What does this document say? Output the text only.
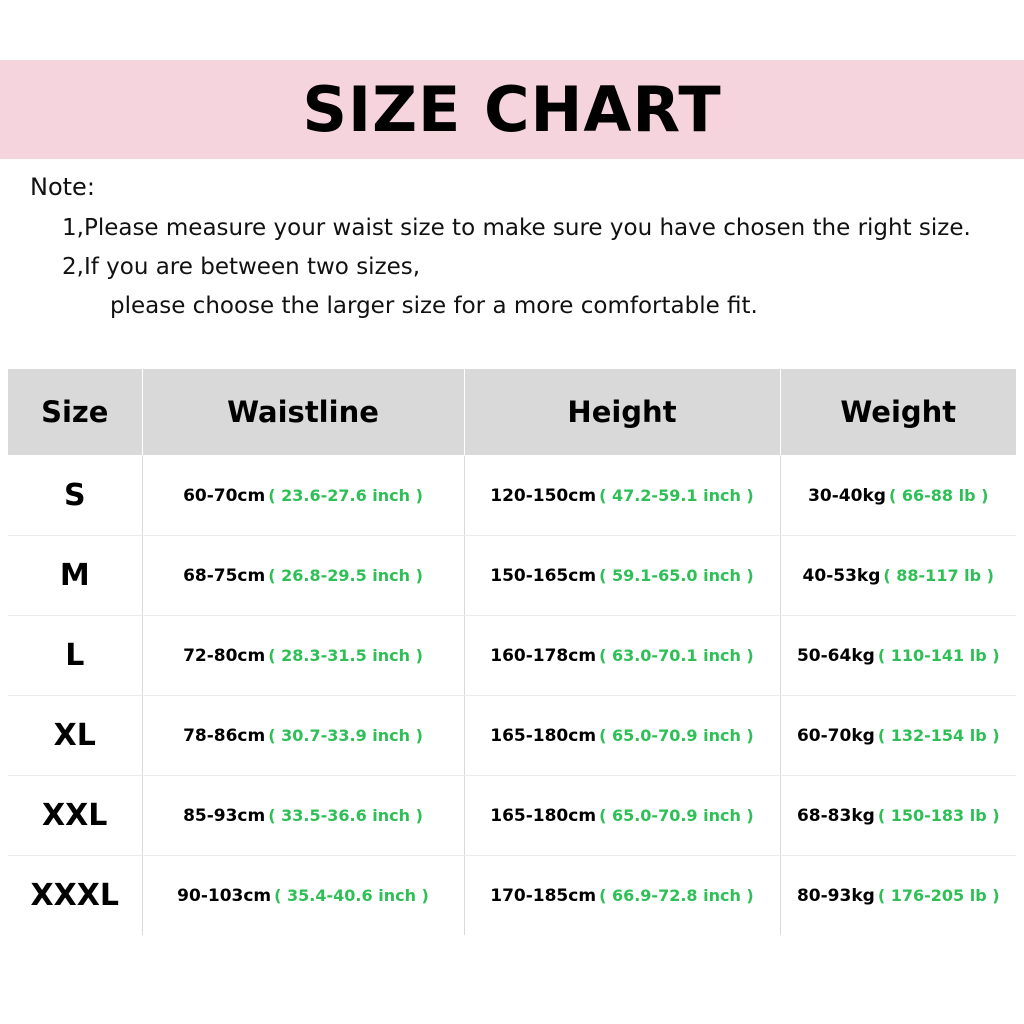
SIZE CHART
Note:
1,Please measure your waist size to make sure you have chosen the right size.
2,If you are between two sizes,
please choose the larger size for a more comfortable fit.
Size	Waistline	Height	Weight
S	60-70cm ( 23.6-27.6 inch )	120-150cm ( 47.2-59.1 inch )	30-40kg ( 66-88 lb )
M	68-75cm ( 26.8-29.5 inch )	150-165cm ( 59.1-65.0 inch )	40-53kg ( 88-117 lb )
L	72-80cm ( 28.3-31.5 inch )	160-178cm ( 63.0-70.1 inch )	50-64kg ( 110-141 lb )
XL	78-86cm ( 30.7-33.9 inch )	165-180cm ( 65.0-70.9 inch )	60-70kg ( 132-154 lb )
XXL	85-93cm ( 33.5-36.6 inch )	165-180cm ( 65.0-70.9 inch )	68-83kg ( 150-183 lb )
XXXL	90-103cm ( 35.4-40.6 inch )	170-185cm ( 66.9-72.8 inch )	80-93kg ( 176-205 lb )
